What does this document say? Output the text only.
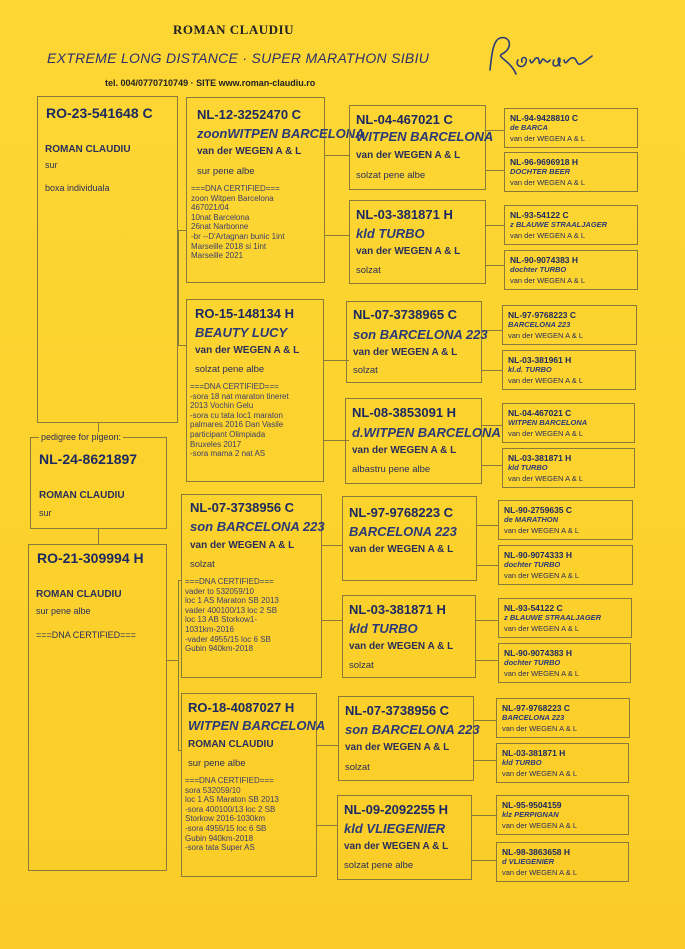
ROMAN CLAUDIU
EXTREME LONG DISTANCE · SUPER MARATHON SIBIU
tel. 004/0770710749 · SITE www.roman-claudiu.ro
RO-23-541648 C
ROMAN CLAUDIU
sur
boxa individuala
pedigree for pigeon:
NL-24-8621897
ROMAN CLAUDIU
sur
RO-21-309994 H
ROMAN CLAUDIU
sur pene albe
===DNA CERTIFIED===
NL-12-3252470 C
zoonWITPEN BARCELONA
van der WEGEN A & L
sur pene albe
===DNA CERTIFIED===
zoon Witpen Barcelona
467021/04
10nat Barcelona
26nat Narbonne
-br --D'Artagnan bunic 1int
Marseille 2018 si 1int
Marseille 2021
RO-15-148134 H
BEAUTY LUCY
van der WEGEN A & L
solzat pene albe
===DNA CERTIFIED===
-sora 18 nat maraton tineret
2013 Vochin Gelu
-sora cu tata loc1 maraton
palmares 2016 Dan Vasile
participant Olimpiada
Bruxeles 2017
-sora mama 2 nat AS
NL-07-3738956 C
son BARCELONA 223
van der WEGEN A & L
solzat
===DNA CERTIFIED===
vader to 532059/10
loc 1 AS Maraton SB 2013
vader 400100/13 loc 2 SB
loc 13 AB Storkow1-
1031km-2016
-vader 4955/15 loc 6 SB
Gubin 940km-2018
RO-18-4087027 H
WITPEN BARCELONA
ROMAN CLAUDIU
sur pene albe
===DNA CERTIFIED===
sora 532059/10
loc 1 AS Maraton SB 2013
-sora 400100/13 loc 2 SB
Storkow 2016-1030km
-sora 4955/15 loc 6 SB
Gubin 940km-2018
-sora tata Super AS
NL-04-467021 C
WITPEN BARCELONA
van der WEGEN A & L
solzat pene albe
NL-03-381871 H
kld TURBO
van der WEGEN A & L
solzat
NL-07-3738965 C
son BARCELONA 223
van der WEGEN A & L
solzat
NL-08-3853091 H
d.WITPEN BARCELONA
van der WEGEN A & L
albastru pene albe
NL-97-9768223 C
BARCELONA 223
van der WEGEN A & L
NL-03-381871 H
kld TURBO
van der WEGEN A & L
solzat
NL-07-3738956 C
son BARCELONA 223
van der WEGEN A & L
solzat
NL-09-2092255 H
kld VLIEGENIER
van der WEGEN A & L
solzat pene albe
NL-94-9428810 C
de BARCA
van der WEGEN A & L
NL-96-9696918 H
DOCHTER BEER
van der WEGEN A & L
NL-93-54122 C
z BLAUWE STRAALJAGER
van der WEGEN A & L
NL-90-9074383 H
dochter TURBO
van der WEGEN A & L
NL-97-9768223 C
BARCELONA 223
van der WEGEN A & L
NL-03-381961 H
kl.d. TURBO
van der WEGEN A & L
NL-04-467021 C
WITPEN BARCELONA
van der WEGEN A & L
NL-03-381871 H
kld TURBO
van der WEGEN A & L
NL-90-2759635 C
de MARATHON
van der WEGEN A & L
NL-90-9074333 H
dochter TURBO
van der WEGEN A & L
NL-93-54122 C
z BLAUWE STRAALJAGER
van der WEGEN A & L
NL-90-9074383 H
dochter TURBO
van der WEGEN A & L
NL-97-9768223 C
BARCELONA 223
van der WEGEN A & L
NL-03-381871 H
kld TURBO
van der WEGEN A & L
NL-95-9504159
klz PERPIGNAN
van der WEGEN A & L
NL-98-3863658 H
d VLIEGENIER
van der WEGEN A & L
